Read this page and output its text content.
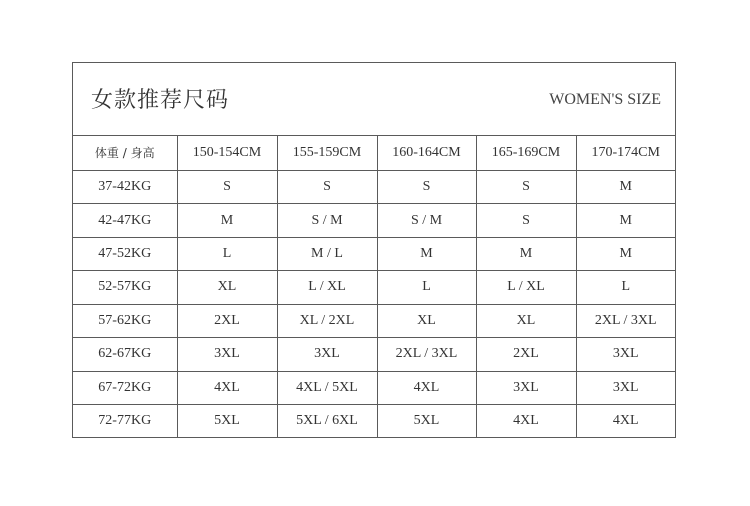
女款推荐尺码	WOMEN'S SIZE
体重 / 身高	150-154CM	155-159CM	160-164CM	165-169CM	170-174CM
37-42KG	S	S	S	S	M
42-47KG	M	S / M	S / M	S	M
47-52KG	L	M / L	M	M	M
52-57KG	XL	L / XL	L	L / XL	L
57-62KG	2XL	XL / 2XL	XL	XL	2XL / 3XL
62-67KG	3XL	3XL	2XL / 3XL	2XL	3XL
67-72KG	4XL	4XL / 5XL	4XL	3XL	3XL
72-77KG	5XL	5XL / 6XL	5XL	4XL	4XL
